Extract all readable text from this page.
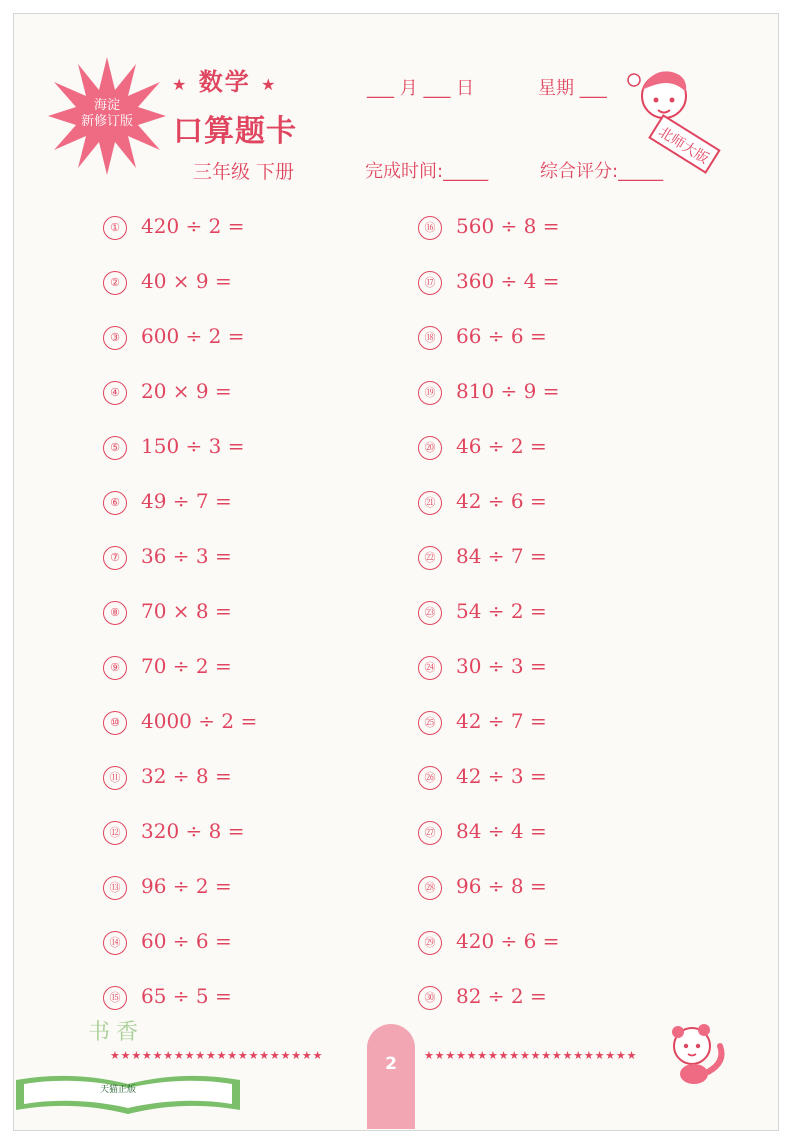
海淀
新修订版
★ 数学 ★
口算题卡
三年级 下册
___ 月 ___ 日	星期 ___
完成时间:_____	综合评分:_____
北师大版
① 420 ÷ 2 =
② 40 × 9 =
③ 600 ÷ 2 =
④ 20 × 9 =
⑤ 150 ÷ 3 =
⑥ 49 ÷ 7 =
⑦ 36 ÷ 3 =
⑧ 70 × 8 =
⑨ 70 ÷ 2 =
⑩ 4000 ÷ 2 =
⑪ 32 ÷ 8 =
⑫ 320 ÷ 8 =
⑬ 96 ÷ 2 =
⑭ 60 ÷ 6 =
⑮ 65 ÷ 5 =
⑯ 560 ÷ 8 =
⑰ 360 ÷ 4 =
⑱ 66 ÷ 6 =
⑲ 810 ÷ 9 =
⑳ 46 ÷ 2 =
㉑ 42 ÷ 6 =
㉒ 84 ÷ 7 =
㉓ 54 ÷ 2 =
㉔ 30 ÷ 3 =
㉕ 42 ÷ 7 =
㉖ 42 ÷ 3 =
㉗ 84 ÷ 4 =
㉘ 96 ÷ 8 =
㉙ 420 ÷ 6 =
㉚ 82 ÷ 2 =
★★★★★★★★★★★★★★★★★★★★	2	★★★★★★★★★★★★★★★★★★★★
书香
天猫正版
